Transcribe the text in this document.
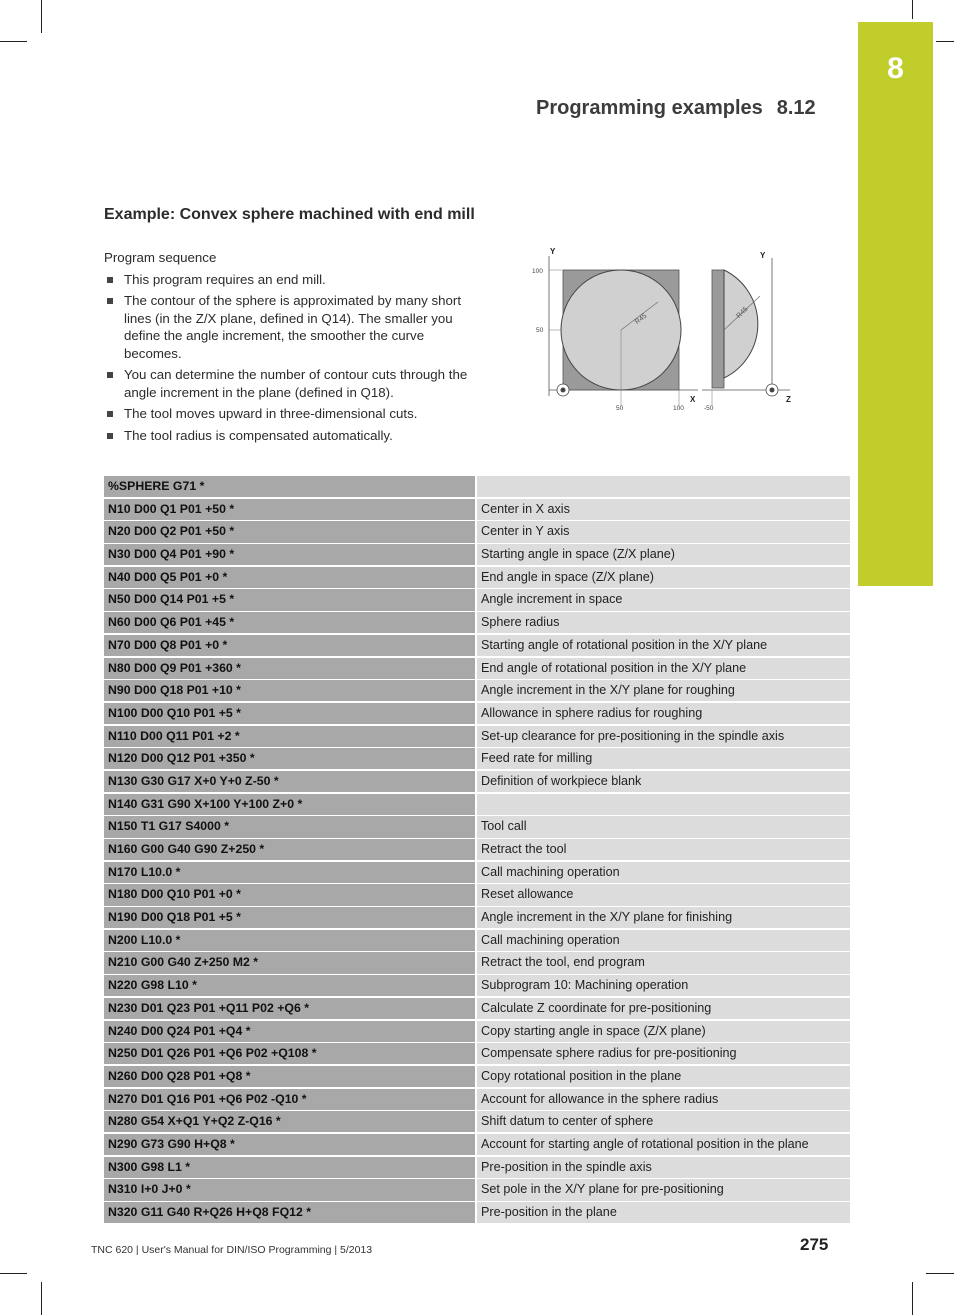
8
Programming examples 8.12
Example: Convex sphere machined with end mill
Program sequence
This program requires an end mill.
The contour of the sphere is approximated by many short lines (in the Z/X plane, defined in Q14). The smaller you define the angle increment, the smoother the curve becomes.
You can determine the number of contour cuts through the angle increment in the plane (defined in Q18).
The tool moves upward in three-dimensional cuts.
The tool radius is compensated automatically.
Y
X
100
50
50	100
R45
Y
Z
-50
R45
%SPHERE G71 *
N10 D00 Q1 P01 +50 *	Center in X axis
N20 D00 Q2 P01 +50 *	Center in Y axis
N30 D00 Q4 P01 +90 *	Starting angle in space (Z/X plane)
N40 D00 Q5 P01 +0 *	End angle in space (Z/X plane)
N50 D00 Q14 P01 +5 *	Angle increment in space
N60 D00 Q6 P01 +45 *	Sphere radius
N70 D00 Q8 P01 +0 *	Starting angle of rotational position in the X/Y plane
N80 D00 Q9 P01 +360 *	End angle of rotational position in the X/Y plane
N90 D00 Q18 P01 +10 *	Angle increment in the X/Y plane for roughing
N100 D00 Q10 P01 +5 *	Allowance in sphere radius for roughing
N110 D00 Q11 P01 +2 *	Set-up clearance for pre-positioning in the spindle axis
N120 D00 Q12 P01 +350 *	Feed rate for milling
N130 G30 G17 X+0 Y+0 Z-50 *	Definition of workpiece blank
N140 G31 G90 X+100 Y+100 Z+0 *
N150 T1 G17 S4000 *	Tool call
N160 G00 G40 G90 Z+250 *	Retract the tool
N170 L10.0 *	Call machining operation
N180 D00 Q10 P01 +0 *	Reset allowance
N190 D00 Q18 P01 +5 *	Angle increment in the X/Y plane for finishing
N200 L10.0 *	Call machining operation
N210 G00 G40 Z+250 M2 *	Retract the tool, end program
N220 G98 L10 *	Subprogram 10: Machining operation
N230 D01 Q23 P01 +Q11 P02 +Q6 *	Calculate Z coordinate for pre-positioning
N240 D00 Q24 P01 +Q4 *	Copy starting angle in space (Z/X plane)
N250 D01 Q26 P01 +Q6 P02 +Q108 *	Compensate sphere radius for pre-positioning
N260 D00 Q28 P01 +Q8 *	Copy rotational position in the plane
N270 D01 Q16 P01 +Q6 P02 -Q10 *	Account for allowance in the sphere radius
N280 G54 X+Q1 Y+Q2 Z-Q16 *	Shift datum to center of sphere
N290 G73 G90 H+Q8 *	Account for starting angle of rotational position in the plane
N300 G98 L1 *	Pre-position in the spindle axis
N310 I+0 J+0 *	Set pole in the X/Y plane for pre-positioning
N320 G11 G40 R+Q26 H+Q8 FQ12 *	Pre-position in the plane
TNC 620 | User's Manual for DIN/ISO Programming | 5/2013	275
